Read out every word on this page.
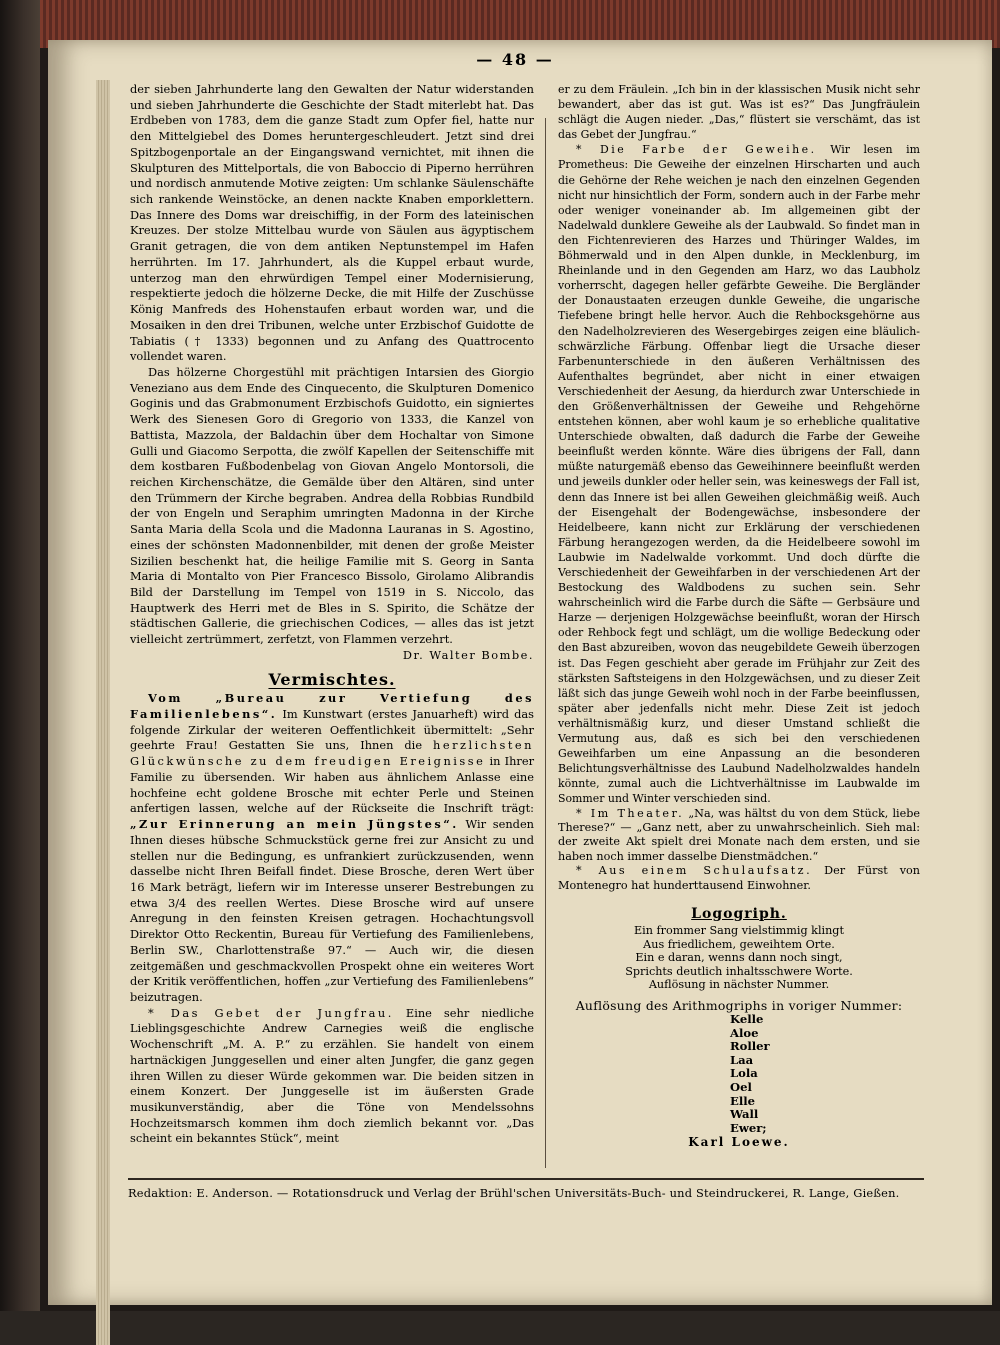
— 48 —

der sieben Jahrhunderte lang den Gewalten der Natur widerstanden und sieben Jahrhunderte die Geschichte der Stadt miterlebt hat. Das Erdbeben von 1783, dem die ganze Stadt zum Opfer fiel, hatte nur den Mittelgiebel des Domes heruntergeschleudert. Jetzt sind drei Spitzbogenportale an der Eingangswand vernichtet, mit ihnen die Skulpturen des Mittelportals, die von Baboccio di Piperno herrühren und nordisch anmutende Motive zeigten: Um schlanke Säulenschäfte sich rankende Weinstöcke, an denen nackte Knaben emporklettern. Das Innere des Doms war dreischiffig, in der Form des lateinischen Kreuzes. Der stolze Mittelbau wurde von Säulen aus ägyptischem Granit getragen, die von dem antiken Neptunstempel im Hafen herrührten. Im 17. Jahrhundert, als die Kuppel erbaut wurde, unterzog man den ehrwürdigen Tempel einer Modernisierung, respektierte jedoch die hölzerne Decke, die mit Hilfe der Zuschüsse König Manfreds des Hohenstaufen erbaut worden war, und die Mosaiken in den drei Tribunen, welche unter Erzbischof Guidotte de Tabiatis († 1333) begonnen und zu Anfang des Quattrocento vollendet waren.

Das hölzerne Chorgestühl mit prächtigen Intarsien des Giorgio Veneziano aus dem Ende des Cinquecento, die Skulpturen Domenico Goginis und das Grabmonument Erzbischofs Guidotto, ein signiertes Werk des Sienesen Goro di Gregorio von 1333, die Kanzel von Battista, Mazzola, der Baldachin über dem Hochaltar von Simone Gulli und Giacomo Serpotta, die zwölf Kapellen der Seitenschiffe mit dem kostbaren Fußbodenbelag von Giovan Angelo Montorsoli, die reichen Kirchenschätze, die Gemälde über den Altären, sind unter den Trümmern der Kirche begraben. Andrea della Robbias Rundbild der von Engeln und Seraphim umringten Madonna in der Kirche Santa Maria della Scola und die Madonna Lauranas in S. Agostino, eines der schönsten Madonnenbilder, mit denen der große Meister Sizilien beschenkt hat, die heilige Familie mit S. Georg in Santa Maria di Montalto von Pier Francesco Bissolo, Girolamo Alibrandis Bild der Darstellung im Tempel von 1519 in S. Niccolo, das Hauptwerk des Herri met de Bles in S. Spirito, die Schätze der städtischen Gallerie, die griechischen Codices, — alles das ist jetzt vielleicht zertrümmert, zerfetzt, von Flammen verzehrt.

Dr. Walter Bombe.

Vermischtes.

Vom „Bureau zur Vertiefung des Familienlebens“. Im Kunstwart (erstes Januarheft) wird das folgende Zirkular der weiteren Oeffentlichkeit übermittelt: „Sehr geehrte Frau! Gestatten Sie uns, Ihnen die herzlichsten Glückwünsche zu dem freudigen Ereignisse in Ihrer Familie zu übersenden. Wir haben aus ähnlichem Anlasse eine hochfeine echt goldene Brosche mit echter Perle und Steinen anfertigen lassen, welche auf der Rückseite die Inschrift trägt: „Zur Erinnerung an mein Jüngstes“. Wir senden Ihnen dieses hübsche Schmuckstück gerne frei zur Ansicht zu und stellen nur die Bedingung, es unfrankiert zurückzusenden, wenn dasselbe nicht Ihren Beifall findet. Diese Brosche, deren Wert über 16 Mark beträgt, liefern wir im Interesse unserer Bestrebungen zu etwa 3/4 des reellen Wertes. Diese Brosche wird auf unsere Anregung in den feinsten Kreisen getragen. Hochachtungsvoll Direktor Otto Reckentin, Bureau für Vertiefung des Familienlebens, Berlin SW., Charlottenstraße 97.“ — Auch wir, die diesen zeitgemäßen und geschmackvollen Prospekt ohne ein weiteres Wort der Kritik veröffentlichen, hoffen „zur Vertiefung des Familienlebens“ beizutragen.

* Das Gebet der Jungfrau. Eine sehr niedliche Lieblingsgeschichte Andrew Carnegies weiß die englische Wochenschrift „M. A. P.“ zu erzählen. Sie handelt von einem hartnäckigen Junggesellen und einer alten Jungfer, die ganz gegen ihren Willen zu dieser Würde gekommen war. Die beiden sitzen in einem Konzert. Der Junggeselle ist im äußersten Grade musikunverständig, aber die Töne von Mendelssohns Hochzeitsmarsch kommen ihm doch ziemlich bekannt vor. „Das scheint ein bekanntes Stück“, meint

er zu dem Fräulein. „Ich bin in der klassischen Musik nicht sehr bewandert, aber das ist gut. Was ist es?“ Das Jungfräulein schlägt die Augen nieder. „Das,“ flüstert sie verschämt, das ist das Gebet der Jungfrau.“

* Die Farbe der Geweihe. Wir lesen im Prometheus: Die Geweihe der einzelnen Hirscharten und auch die Gehörne der Rehe weichen je nach den einzelnen Gegenden nicht nur hinsichtlich der Form, sondern auch in der Farbe mehr oder weniger voneinander ab. Im allgemeinen gibt der Nadelwald dunklere Geweihe als der Laubwald. So findet man in den Fichtenrevieren des Harzes und Thüringer Waldes, im Böhmerwald und in den Alpen dunkle, in Mecklenburg, im Rheinlande und in den Gegenden am Harz, wo das Laubholz vorherrscht, dagegen heller gefärbte Geweihe. Die Bergländer der Donaustaaten erzeugen dunkle Geweihe, die ungarische Tiefebene bringt helle hervor. Auch die Rehbocksgehörne aus den Nadelholzrevieren des Wesergebirges zeigen eine bläulich-schwärzliche Färbung. Offenbar liegt die Ursache dieser Farbenunterschiede in den äußeren Verhältnissen des Aufenthaltes begründet, aber nicht in einer etwaigen Verschiedenheit der Aesung, da hierdurch zwar Unterschiede in den Größenverhältnissen der Geweihe und Rehgehörne entstehen können, aber wohl kaum je so erhebliche qualitative Unterschiede obwalten, daß dadurch die Farbe der Geweihe beeinflußt werden könnte. Wäre dies übrigens der Fall, dann müßte naturgemäß ebenso das Geweihinnere beeinflußt werden und jeweils dunkler oder heller sein, was keineswegs der Fall ist, denn das Innere ist bei allen Geweihen gleichmäßig weiß. Auch der Eisengehalt der Bodengewächse, insbesondere der Heidelbeere, kann nicht zur Erklärung der verschiedenen Färbung herangezogen werden, da die Heidelbeere sowohl im Laubwie im Nadelwalde vorkommt. Und doch dürfte die Verschiedenheit der Geweihfarben in der verschiedenen Art der Bestockung des Waldbodens zu suchen sein. Sehr wahrscheinlich wird die Farbe durch die Säfte — Gerbsäure und Harze — derjenigen Holzgewächse beeinflußt, woran der Hirsch oder Rehbock fegt und schlägt, um die wollige Bedeckung oder den Bast abzureiben, wovon das neugebildete Geweih überzogen ist. Das Fegen geschieht aber gerade im Frühjahr zur Zeit des stärksten Saftsteigens in den Holzgewächsen, und zu dieser Zeit läßt sich das junge Geweih wohl noch in der Farbe beeinflussen, später aber jedenfalls nicht mehr. Diese Zeit ist jedoch verhältnismäßig kurz, und dieser Umstand schließt die Vermutung aus, daß es sich bei den verschiedenen Geweihfarben um eine Anpassung an die besonderen Belichtungsverhältnisse des Laubund Nadelholzwaldes handeln könnte, zumal auch die Lichtverhältnisse im Laubwalde im Sommer und Winter verschieden sind.

* Im Theater. „Na, was hältst du von dem Stück, liebe Therese?“ — „Ganz nett, aber zu unwahrscheinlich. Sieh mal: der zweite Akt spielt drei Monate nach dem ersten, und sie haben noch immer dasselbe Dienstmädchen.“

* Aus einem Schulaufsatz. Der Fürst von Montenegro hat hunderttausend Einwohner.

Logogriph.
Ein frommer Sang vielstimmig klingt
Aus friedlichem, geweihtem Orte.
Ein e daran, wenns dann noch singt,
Sprichts deutlich inhaltsschwere Worte.
Auflösung in nächster Nummer.
Auflösung des Arithmogriphs in voriger Nummer:
Kelle
Aloe
Roller
Laa
Lola
Oel
Elle
Wall
Ewer;
Karl Loewe.
Redaktion: E. Anderson. — Rotationsdruck und Verlag der Brühl'schen Universitäts-Buch- und Steindruckerei, R. Lange, Gießen.
